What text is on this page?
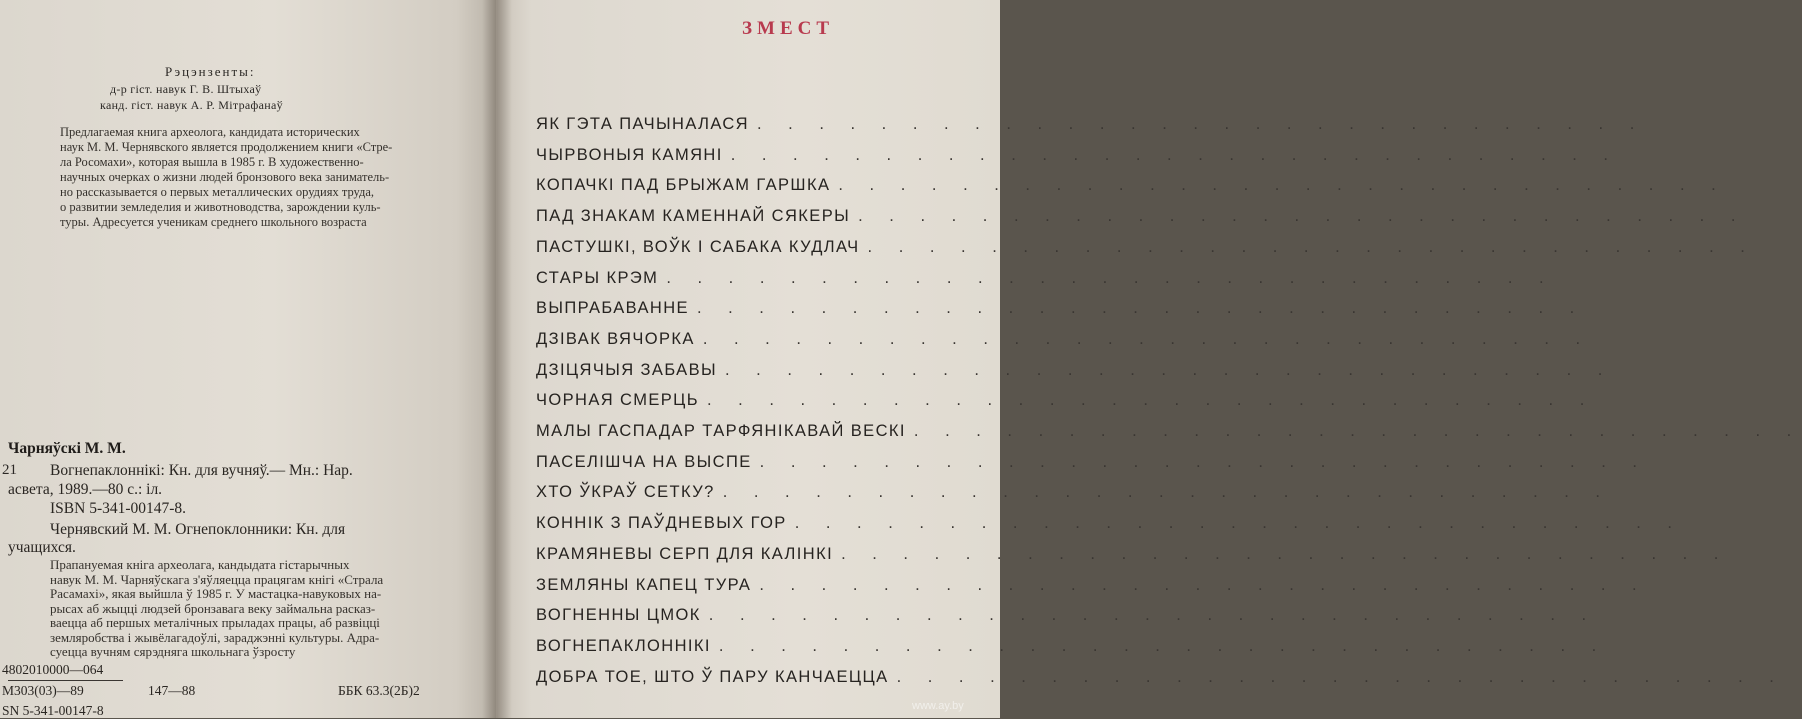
Рэцэнзенты:
д-р гіст. навук Г. В. Штыхаў
канд. гіст. навук А. Р. Мітрафанаў
Предлагаемая книга археолога, кандидата исторических
наук М. М. Чернявского является продолжением книги «Стре-
ла Росомахи», которая вышла в 1985 г. В художественно-
научных очерках о жизни людей бронзового века заниматель-
но рассказывается о первых металлических орудиях труда,
о развитии земледелия и животноводства, зарождении куль-
туры. Адресуется ученикам среднего школьного возраста
Чарняўскі М. М.
21 Вогнепаклоннікі: Кн. для вучняў.— Мн.: Нар.
асвета, 1989.—80 с.: іл.
ISBN 5-341-00147-8.
Чернявский М. М. Огнепоклонники: Кн. для
учащихся.
Прапануемая кніга археолага, кандыдата гістарычных
навук М. М. Чарняўскага з'яўляецца працягам кнігі «Страла
Расамахі», якая выйшла ў 1985 г. У мастацка-навуковых на-
рысах аб жыцці людзей бронзавага веку займальна расказ-
ваецца аб першых металічных прыладах працы, аб развіцці
земляробства і жывёлагадоўлі, зараджэнні культуры. Адра-
суецца вучням сярэдняга школьнага ўзросту
4802010000—064
М303(03)—89	147—88	ББК 63.3(2Б)2
SN 5-341-00147-8
ЗМЕСТ
ЯК ГЭТА ПАЧЫНАЛАСЯ . . . . . . . . . . . . . . . . . . . . . . . . . . . . .
ЧЫРВОНЫЯ КАМЯНІ . . . . . . . . . . . . . . . . . . . . . . . . . . . . .
КОПАЧКІ ПАД БРЫЖАМ ГАРШКА . . . . . . . . . . . . . . . . . . . . . . . . . . . . .
ПАД ЗНАКАМ КАМЕННАЙ СЯКЕРЫ . . . . . . . . . . . . . . . . . . . . . . . . . . . . .
ПАСТУШКІ, ВОЎК І САБАКА КУДЛАЧ . . . . . . . . . . . . . . . . . . . . . . . . . . . . .
СТАРЫ КРЭМ . . . . . . . . . . . . . . . . . . . . . . . . . . . . .
ВЫПРАБАВАННЕ . . . . . . . . . . . . . . . . . . . . . . . . . . . . .
ДЗІВАК ВЯЧОРКА . . . . . . . . . . . . . . . . . . . . . . . . . . . . .
ДЗІЦЯЧЫЯ ЗАБАВЫ . . . . . . . . . . . . . . . . . . . . . . . . . . . . .
ЧОРНАЯ СМЕРЦЬ . . . . . . . . . . . . . . . . . . . . . . . . . . . . .
МАЛЫ ГАСПАДАР ТАРФЯНІКАВАЙ ВЕСКІ . . . . . . . . . . . . . . . . . . . . . . . . . . . . .
ПАСЕЛІШЧА НА ВЫСПЕ . . . . . . . . . . . . . . . . . . . . . . . . . . . . .
ХТО ЎКРАЎ СЕТКУ? . . . . . . . . . . . . . . . . . . . . . . . . . . . . .
КОННІК З ПАЎДНЕВЫХ ГОР . . . . . . . . . . . . . . . . . . . . . . . . . . . . .
КРАМЯНЕВЫ СЕРП ДЛЯ КАЛІНКІ . . . . . . . . . . . . . . . . . . . . . . . . . . . . .
ЗЕМЛЯНЫ КАПЕЦ ТУРА . . . . . . . . . . . . . . . . . . . . . . . . . . . . .
ВОГНЕННЫ ЦМОК . . . . . . . . . . . . . . . . . . . . . . . . . . . . .
ВОГНЕПАКЛОННІКІ . . . . . . . . . . . . . . . . . . . . . . . . . . . . .
ДОБРА ТОЕ, ШТО Ў ПАРУ КАНЧАЕЦЦА . . . . . . . . . . . . . . . . . . . . . . . . . . . . .
www.ay.by
